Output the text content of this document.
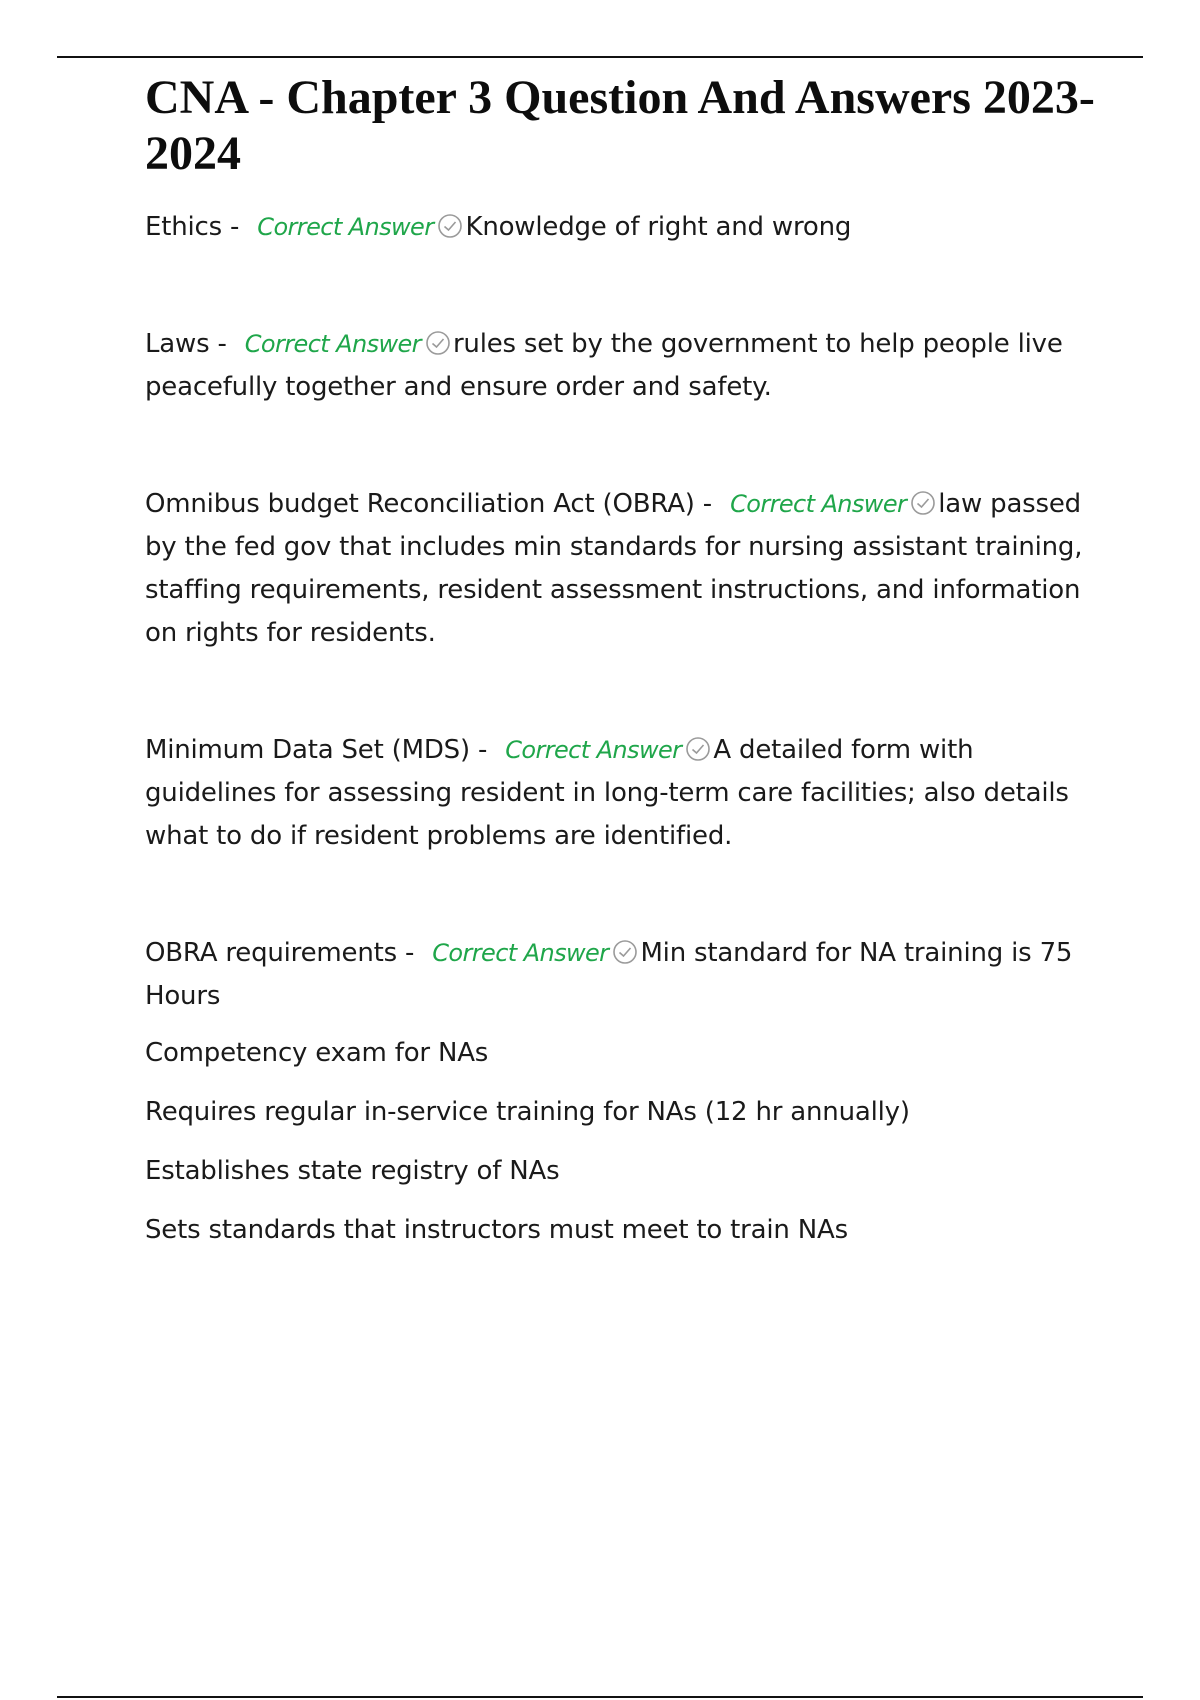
CNA - Chapter 3 Question And Answers 2023-2024

Ethics - Correct Answer Knowledge of right and wrong

Laws - Correct Answer rules set by the government to help people live peacefully together and ensure order and safety.

Omnibus budget Reconciliation Act (OBRA) - Correct Answer law passed by the fed gov that includes min standards for nursing assistant training, staffing requirements, resident assessment instructions, and information on rights for residents.

Minimum Data Set (MDS) - Correct Answer A detailed form with guidelines for assessing resident in long-term care facilities; also details what to do if resident problems are identified.

OBRA requirements - Correct Answer Min standard for NA training is 75 Hours

Competency exam for NAs

Requires regular in-service training for NAs (12 hr annually)

Establishes state registry of NAs

Sets standards that instructors must meet to train NAs
